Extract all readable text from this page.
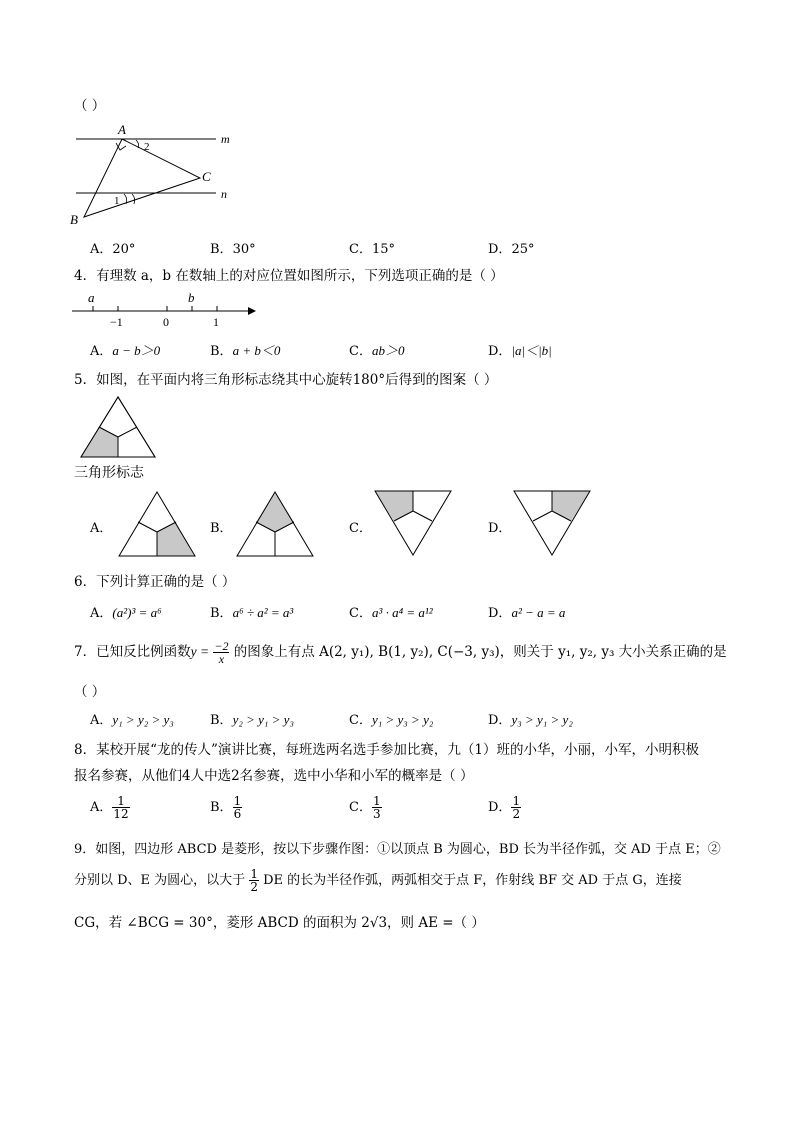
（ ）
A
B
C
m
n
2
1
A．20°	B．30°	C．15°	D．25°
4．有理数 a，b 在数轴上的对应位置如图所示，下列选项正确的是（ ）
a	b
−1	0	1
A．a − b＞0	B．a + b＜0	C．ab＞0	D．|a|＜|b|
5．如图，在平面内将三角形标志绕其中心旋转180°后得到的图案（ ）
三角形标志
A．	B．	C．	D．
6．下列计算正确的是（ ）
A．(a²)³ = a⁶	B．a⁶ ÷ a² = a³	C．a³ · a⁴ = a¹²	D．a² − a = a
7．已知反比例函数$y = \frac{-2}{x}$ 的图象上有点 A(2, y₁), B(1, y₂), C(−3, y₃)，则关于 y₁, y₂, y₃ 大小关系正确的是
（ ）
A．y₁ > y₂ > y₃	B．y₂ > y₁ > y₃	C．y₁ > y₃ > y₂	D．y₃ > y₁ > y₂
8．某校开展“龙的传人”演讲比赛，每班选两名选手参加比赛，九（1）班的小华，小丽，小军，小明积极
报名参赛，从他们4人中选2名参赛，选中小华和小军的概率是（ ）
A． $\frac{1}{12}$	B． $\frac{1}{6}$	C． $\frac{1}{3}$	D． $\frac{1}{2}$
9．如图，四边形 ABCD 是菱形，按以下步骤作图：①以顶点 B 为圆心，BD 长为半径作弧，交 AD 于点 E；②
分别以 D、E 为圆心，以大于 $\frac{1}{2}$ DE 的长为半径作弧，两弧相交于点 F，作射线 BF 交 AD 于点 G，连接
CG，若 ∠BCG = 30°，菱形 ABCD 的面积为 2√3，则 AE =（ ）
